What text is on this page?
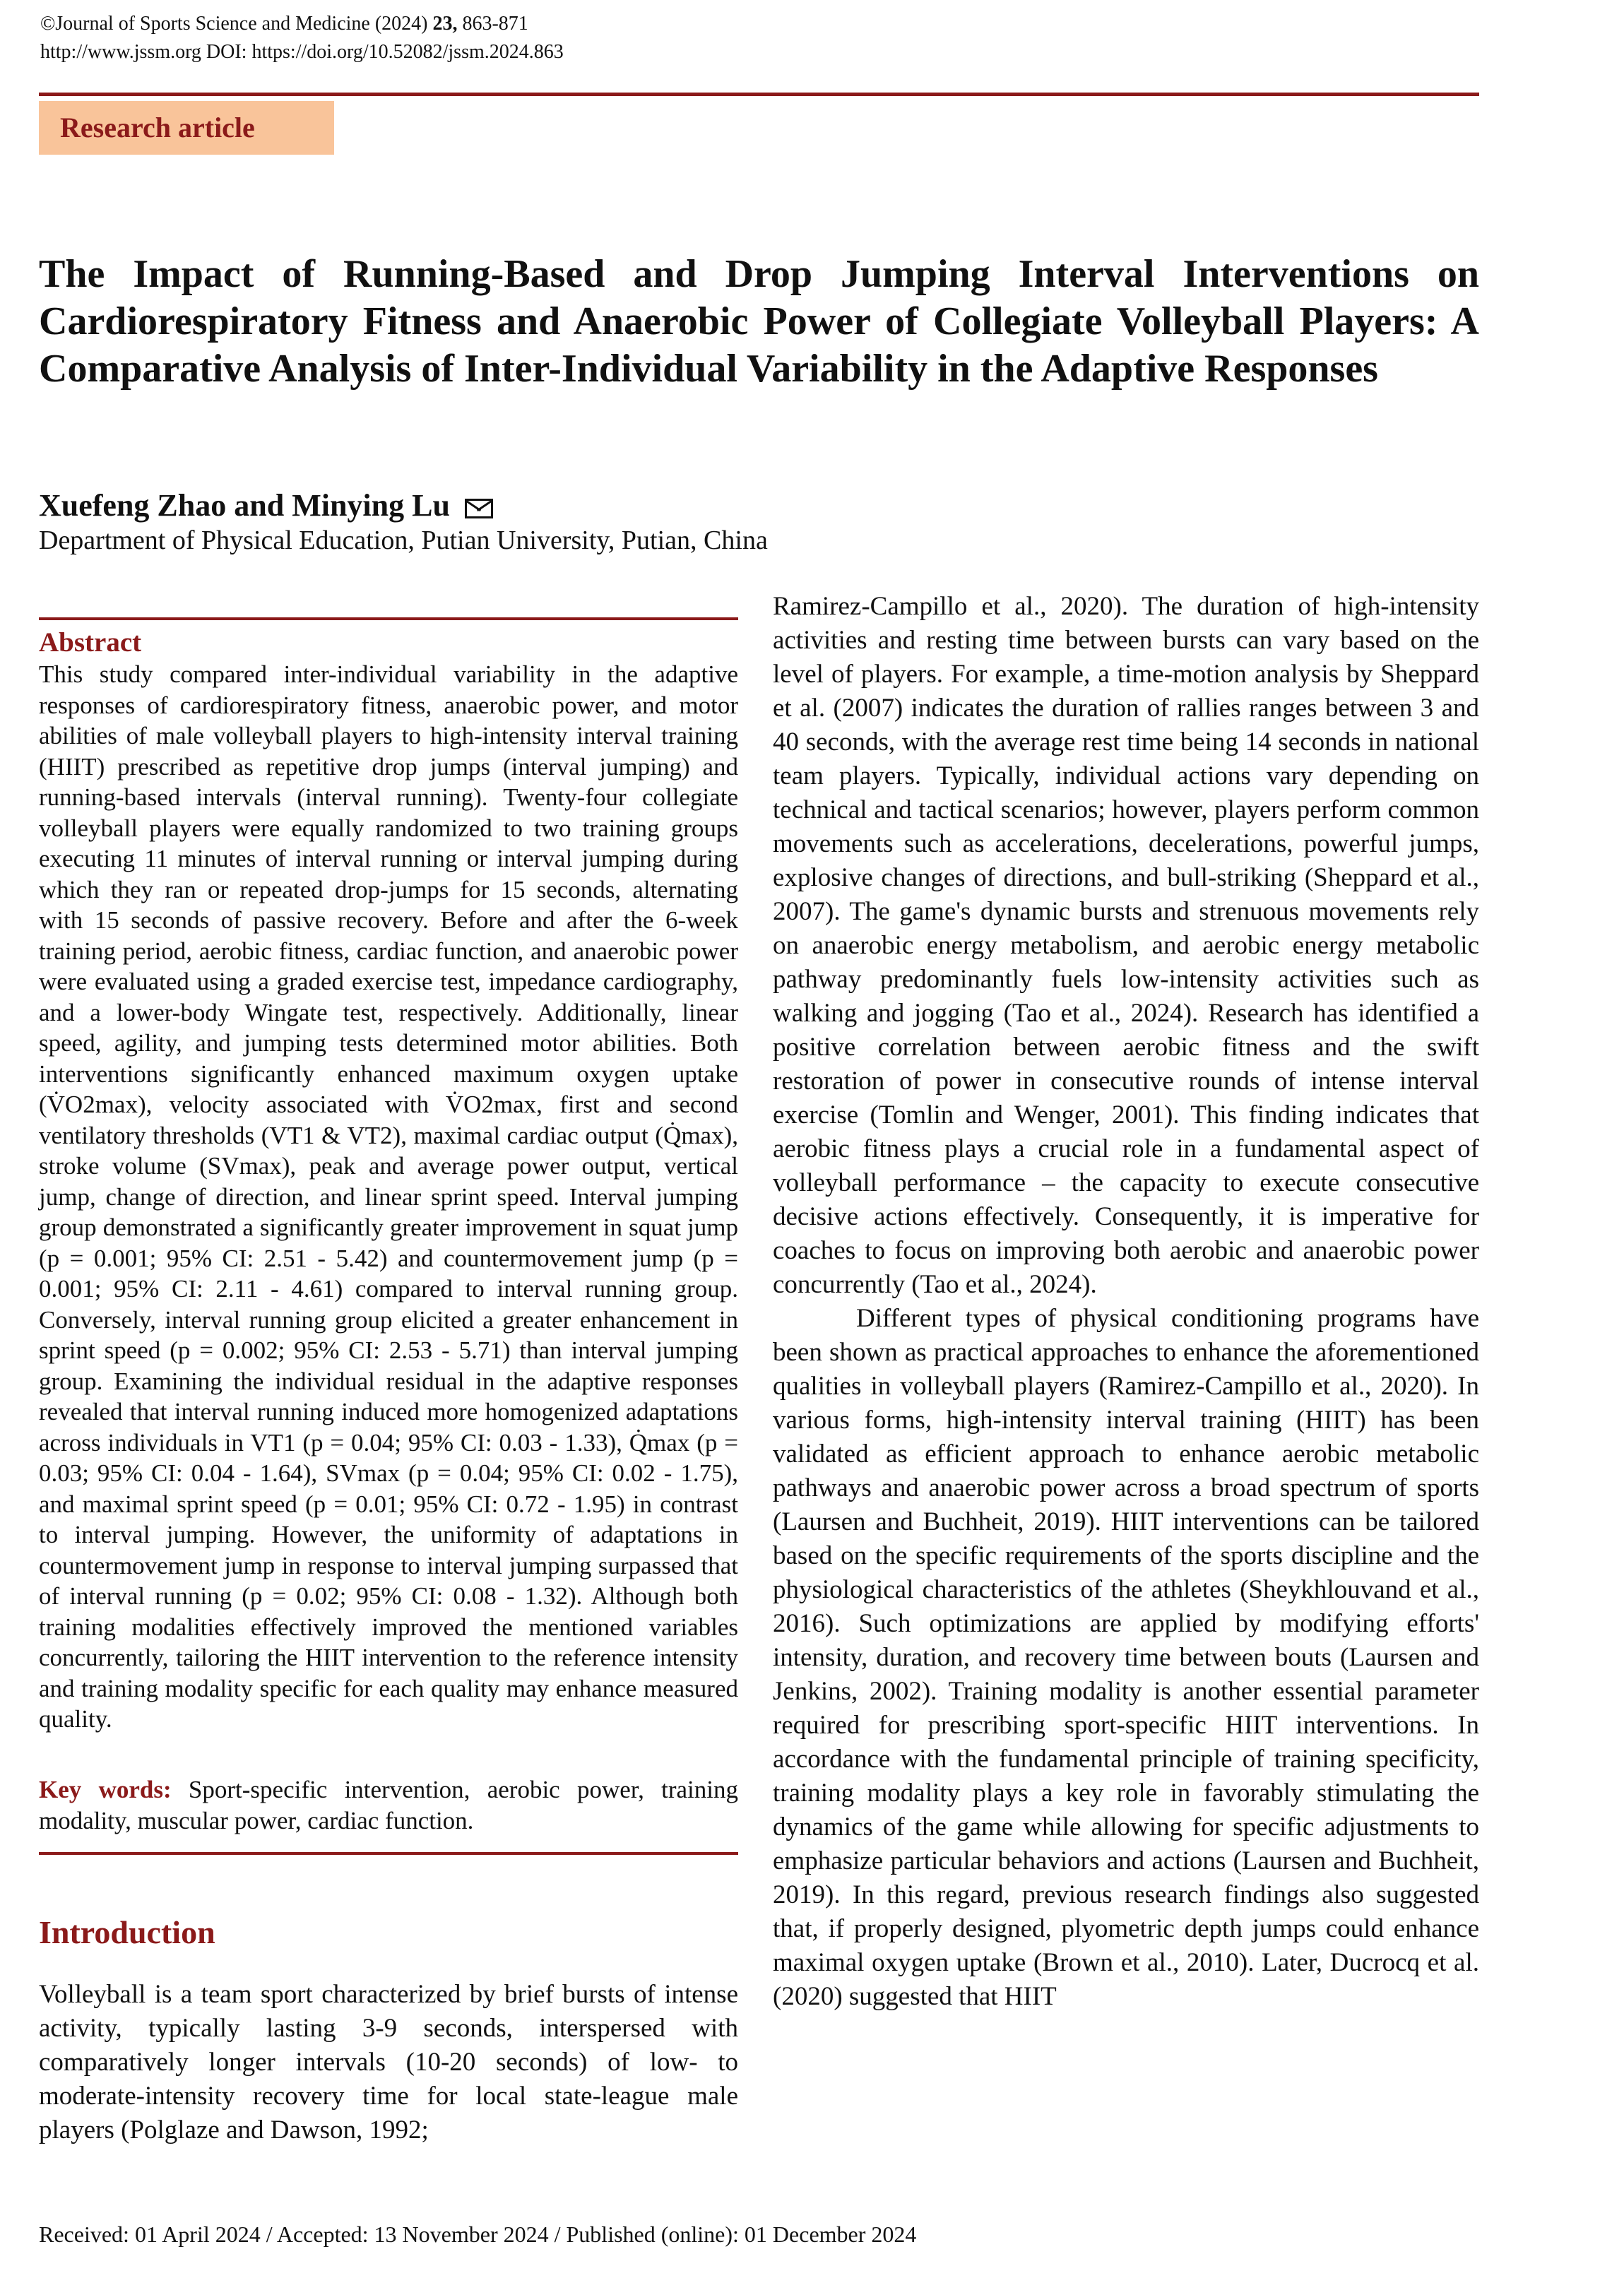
©Journal of Sports Science and Medicine (2024) 23, 863-871
http://www.jssm.org DOI: https://doi.org/10.52082/jssm.2024.863
Research article
The Impact of Running-Based and Drop Jumping Interval Interventions on Cardiorespiratory Fitness and Anaerobic Power of Collegiate Volleyball Players: A Comparative Analysis of Inter-Individual Variability in the Adaptive Responses
Xuefeng Zhao and Minying Lu
Department of Physical Education, Putian University, Putian, China
Abstract
This study compared inter-individual variability in the adaptive responses of cardiorespiratory fitness, anaerobic power, and motor abilities of male volleyball players to high-intensity interval training (HIIT) prescribed as repetitive drop jumps (interval jumping) and running-based intervals (interval running). Twenty-four collegiate volleyball players were equally randomized to two training groups executing 11 minutes of interval running or interval jumping during which they ran or repeated drop-jumps for 15 seconds, alternating with 15 seconds of passive recovery. Before and after the 6-week training period, aerobic fitness, cardiac function, and anaerobic power were evaluated using a graded exercise test, impedance cardiography, and a lower-body Wingate test, respectively. Additionally, linear speed, agility, and jumping tests determined motor abilities. Both interventions significantly enhanced maximum oxygen uptake (V̇O2max), velocity associated with V̇O2max, first and second ventilatory thresholds (VT1 & VT2), maximal cardiac output (Q̇max), stroke volume (SVmax), peak and average power output, vertical jump, change of direction, and linear sprint speed. Interval jumping group demonstrated a significantly greater improvement in squat jump (p = 0.001; 95% CI: 2.51 - 5.42) and countermovement jump (p = 0.001; 95% CI: 2.11 - 4.61) compared to interval running group. Conversely, interval running group elicited a greater enhancement in sprint speed (p = 0.002; 95% CI: 2.53 - 5.71) than interval jumping group. Examining the individual residual in the adaptive responses revealed that interval running induced more homogenized adaptations across individuals in VT1 (p = 0.04; 95% CI: 0.03 - 1.33), Q̇max (p = 0.03; 95% CI: 0.04 - 1.64), SVmax (p = 0.04; 95% CI: 0.02 - 1.75), and maximal sprint speed (p = 0.01; 95% CI: 0.72 - 1.95) in contrast to interval jumping. However, the uniformity of adaptations in countermovement jump in response to interval jumping surpassed that of interval running (p = 0.02; 95% CI: 0.08 - 1.32). Although both training modalities effectively improved the mentioned variables concurrently, tailoring the HIIT intervention to the reference intensity and training modality specific for each quality may enhance measured quality.
Key words: Sport-specific intervention, aerobic power, training modality, muscular power, cardiac function.
Introduction
Volleyball is a team sport characterized by brief bursts of intense activity, typically lasting 3-9 seconds, interspersed with comparatively longer intervals (10-20 seconds) of low- to moderate-intensity recovery time for local state-league male players (Polglaze and Dawson, 1992;
Ramirez-Campillo et al., 2020). The duration of high-intensity activities and resting time between bursts can vary based on the level of players. For example, a time-motion analysis by Sheppard et al. (2007) indicates the duration of rallies ranges between 3 and 40 seconds, with the average rest time being 14 seconds in national team players. Typically, individual actions vary depending on technical and tactical scenarios; however, players perform common movements such as accelerations, decelerations, powerful jumps, explosive changes of directions, and bull-striking (Sheppard et al., 2007). The game's dynamic bursts and strenuous movements rely on anaerobic energy metabolism, and aerobic energy metabolic pathway predominantly fuels low-intensity activities such as walking and jogging (Tao et al., 2024). Research has identified a positive correlation between aerobic fitness and the swift restoration of power in consecutive rounds of intense interval exercise (Tomlin and Wenger, 2001). This finding indicates that aerobic fitness plays a crucial role in a fundamental aspect of volleyball performance – the capacity to execute consecutive decisive actions effectively. Consequently, it is imperative for coaches to focus on improving both aerobic and anaerobic power concurrently (Tao et al., 2024).
Different types of physical conditioning programs have been shown as practical approaches to enhance the aforementioned qualities in volleyball players (Ramirez-Campillo et al., 2020). In various forms, high-intensity interval training (HIIT) has been validated as efficient approach to enhance aerobic metabolic pathways and anaerobic power across a broad spectrum of sports (Laursen and Buchheit, 2019). HIIT interventions can be tailored based on the specific requirements of the sports discipline and the physiological characteristics of the athletes (Sheykhlouvand et al., 2016). Such optimizations are applied by modifying efforts' intensity, duration, and recovery time between bouts (Laursen and Jenkins, 2002). Training modality is another essential parameter required for prescribing sport-specific HIIT interventions. In accordance with the fundamental principle of training specificity, training modality plays a key role in favorably stimulating the dynamics of the game while allowing for specific adjustments to emphasize particular behaviors and actions (Laursen and Buchheit, 2019). In this regard, previous research findings also suggested that, if properly designed, plyometric depth jumps could enhance maximal oxygen uptake (Brown et al., 2010). Later, Ducrocq et al. (2020) suggested that HIIT
Received: 01 April 2024 / Accepted: 13 November 2024 / Published (online): 01 December 2024
